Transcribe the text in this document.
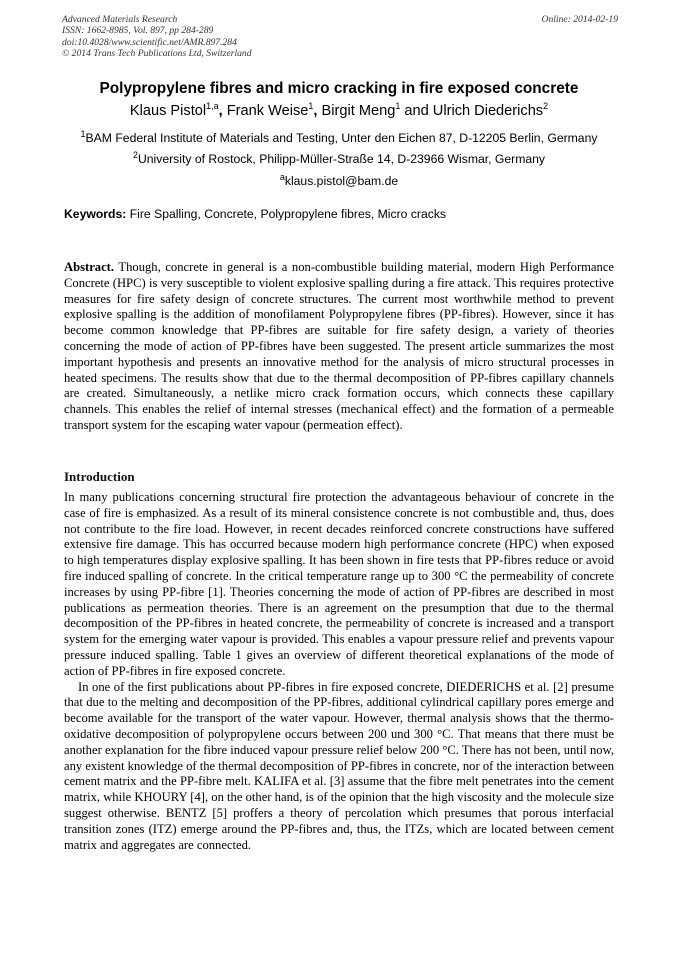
Advanced Materials Research
ISSN: 1662-8985, Vol. 897, pp 284-289
doi:10.4028/www.scientific.net/AMR.897.284
© 2014 Trans Tech Publications Ltd, Switzerland
Online: 2014-02-19
Polypropylene fibres and micro cracking in fire exposed concrete
Klaus Pistol$^{1,a}$, Frank Weise$^1$, Birgit Meng$^1$ and Ulrich Diederichs$^2$
$^1$BAM Federal Institute of Materials and Testing, Unter den Eichen 87, D-12205 Berlin, Germany
$^2$University of Rostock, Philipp-Müller-Straße 14, D-23966 Wismar, Germany
$^a$klaus.pistol@bam.de
Keywords: Fire Spalling, Concrete, Polypropylene fibres, Micro cracks
Abstract. Though, concrete in general is a non-combustible building material, modern High Performance Concrete (HPC) is very susceptible to violent explosive spalling during a fire attack. This requires protective measures for fire safety design of concrete structures. The current most worthwhile method to prevent explosive spalling is the addition of monofilament Polypropylene fibres (PP-fibres). However, since it has become common knowledge that PP-fibres are suitable for fire safety design, a variety of theories concerning the mode of action of PP-fibres have been suggested. The present article summarizes the most important hypothesis and presents an innovative method for the analysis of micro structural processes in heated specimens. The results show that due to the thermal decomposition of PP-fibres capillary channels are created. Simultaneously, a netlike micro crack formation occurs, which connects these capillary channels. This enables the relief of internal stresses (mechanical effect) and the formation of a permeable transport system for the escaping water vapour (permeation effect).
Introduction

In many publications concerning structural fire protection the advantageous behaviour of concrete in the case of fire is emphasized. As a result of its mineral consistence concrete is not combustible and, thus, does not contribute to the fire load. However, in recent decades reinforced concrete constructions have suffered extensive fire damage. This has occurred because modern high performance concrete (HPC) when exposed to high temperatures display explosive spalling. It has been shown in fire tests that PP-fibres reduce or avoid fire induced spalling of concrete. In the critical temperature range up to 300 °C the permeability of concrete increases by using PP-fibre [1]. Theories concerning the mode of action of PP-fibres are described in most publications as permeation theories. There is an agreement on the presumption that due to the thermal decomposition of the PP-fibres in heated concrete, the permeability of concrete is increased and a transport system for the emerging water vapour is provided. This enables a vapour pressure relief and prevents vapour pressure induced spalling. Table 1 gives an overview of different theoretical explanations of the mode of action of PP-fibres in fire exposed concrete.

In one of the first publications about PP-fibres in fire exposed concrete, DIEDERICHS et al. [2] presume that due to the melting and decomposition of the PP-fibres, additional cylindrical capillary pores emerge and become available for the transport of the water vapour. However, thermal analysis shows that the thermo-oxidative decomposition of polypropylene occurs between 200 und 300 °C. That means that there must be another explanation for the fibre induced vapour pressure relief below 200 °C. There has not been, until now, any existent knowledge of the thermal decomposition of PP-fibres in concrete, nor of the interaction between cement matrix and the PP-fibre melt. KALIFA et al. [3] assume that the fibre melt penetrates into the cement matrix, while KHOURY [4], on the other hand, is of the opinion that the high viscosity and the molecule size suggest otherwise. BENTZ [5] proffers a theory of percolation which presumes that porous interfacial transition zones (ITZ) emerge around the PP-fibres and, thus, the ITZs, which are located between cement matrix and aggregates are connected.
